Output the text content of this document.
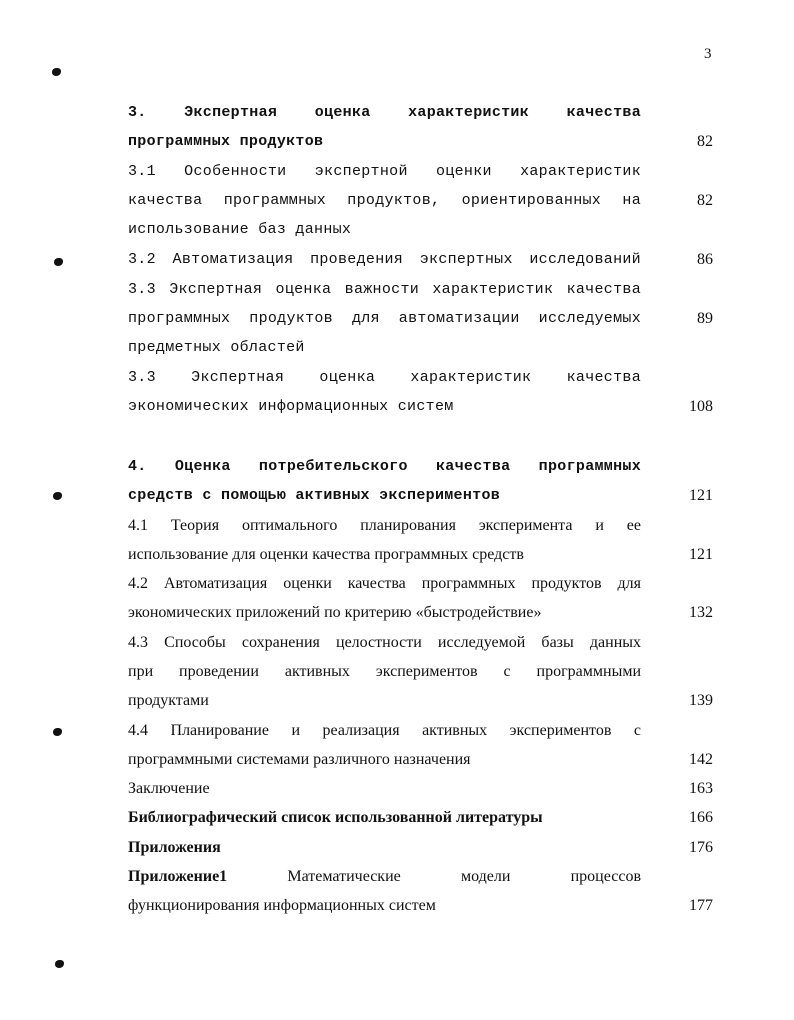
3
3. Экспертная оценка характеристик качества
программных продуктов	82
3.1 Особенности экспертной оценки характеристик
качества программных продуктов, ориентированных на
использование баз данных
82
3.2 Автоматизация проведения экспертных исследований	86
3.3 Экспертная оценка важности характеристик качества
программных продуктов для автоматизации исследуемых
предметных областей
89
3.3 Экспертная оценка характеристик качества
экономических информационных систем	108
4. Оценка потребительского качества программных
средств с помощью активных экспериментов	121
4.1 Теория оптимального планирования эксперимента и ее
использование для оценки качества программных средств	121
4.2 Автоматизация оценки качества программных продуктов для
экономических приложений по критерию «быстродействие»	132
4.3 Способы сохранения целостности исследуемой базы данных
при проведении активных экспериментов с программными
продуктами	139
4.4 Планирование и реализация активных экспериментов с
программными системами различного назначения	142
Заключение	163
Библиографический список использованной литературы	166
Приложения	176
Приложение1 Математические модели процессов
функционирования информационных систем	177
